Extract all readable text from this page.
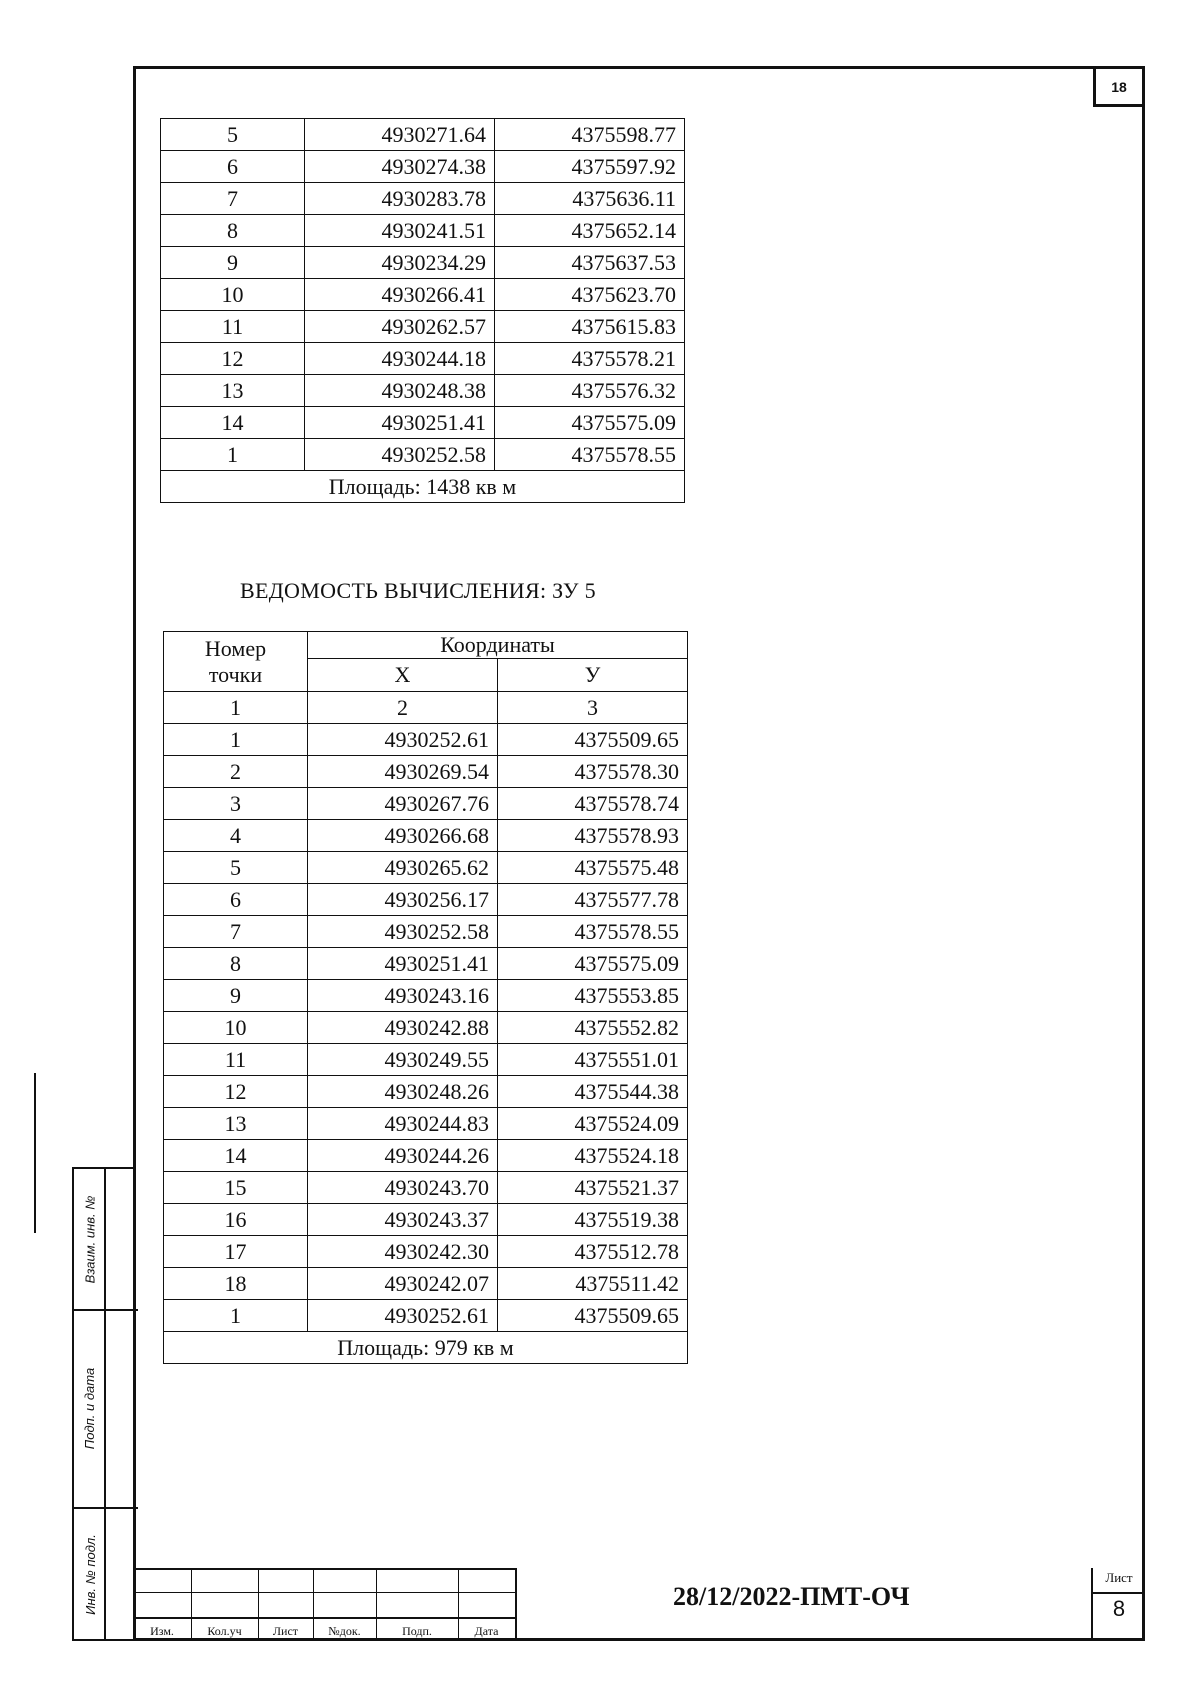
18
Взаим. инв. №
Подп. и дата
Инв. № подл.
5	4930271.64	4375598.77
6	4930274.38	4375597.92
7	4930283.78	4375636.11
8	4930241.51	4375652.14
9	4930234.29	4375637.53
10	4930266.41	4375623.70
11	4930262.57	4375615.83
12	4930244.18	4375578.21
13	4930248.38	4375576.32
14	4930251.41	4375575.09
1	4930252.58	4375578.55
Площадь: 1438 кв м		
ВЕДОМОСТЬ ВЫЧИСЛЕНИЯ: ЗУ 5
Номер
точки	Координаты	
	Х	У
1	2	3
1	4930252.61	4375509.65
2	4930269.54	4375578.30
3	4930267.76	4375578.74
4	4930266.68	4375578.93
5	4930265.62	4375575.48
6	4930256.17	4375577.78
7	4930252.58	4375578.55
8	4930251.41	4375575.09
9	4930243.16	4375553.85
10	4930242.88	4375552.82
11	4930249.55	4375551.01
12	4930248.26	4375544.38
13	4930244.83	4375524.09
14	4930244.26	4375524.18
15	4930243.70	4375521.37
16	4930243.37	4375519.38
17	4930242.30	4375512.78
18	4930242.07	4375511.42
1	4930252.61	4375509.65
Площадь: 979 кв м		
Изм.	Кол.уч	Лист	№док.	Подп.	Дата
28/12/2022-ПМТ-ОЧ
Лист
8
